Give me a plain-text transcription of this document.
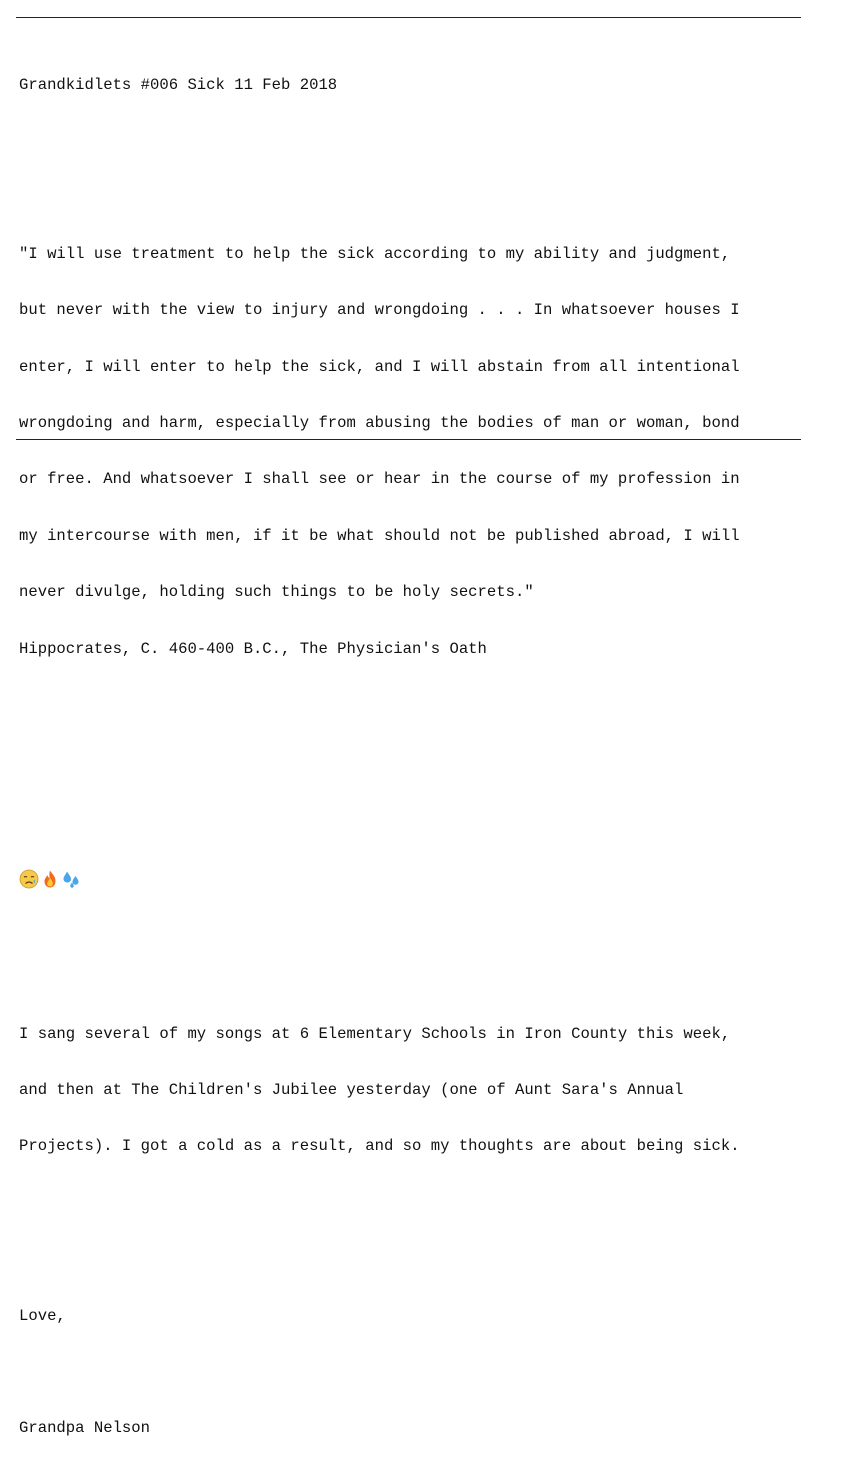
Grandkidlets #006 Sick 11 Feb 2018

"I will use treatment to help the sick according to my ability and judgment,

but never with the view to injury and wrongdoing . . . In whatsoever houses I

enter, I will enter to help the sick, and I will abstain from all intentional

wrongdoing and harm, especially from abusing the bodies of man or woman, bond

or free. And whatsoever I shall see or hear in the course of my profession in

my intercourse with men, if it be what should not be published abroad, I will

never divulge, holding such things to be holy secrets."

Hippocrates, C. 460-400 B.C., The Physician's Oath

I sang several of my songs at 6 Elementary Schools in Iron County this week,

and then at The Children's Jubilee yesterday (one of Aunt Sara's Annual

Projects). I got a cold as a result, and so my thoughts are about being sick.

Love,

Grandpa Nelson
